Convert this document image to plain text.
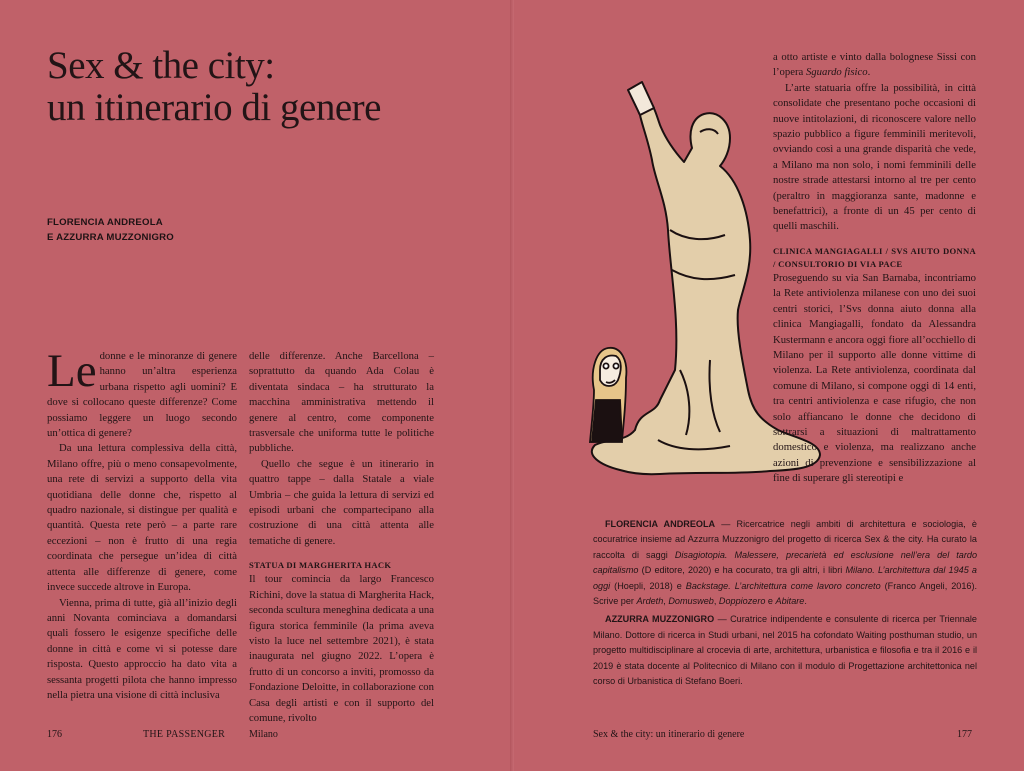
Sex & the city:
un itinerario di genere
FLORENCIA ANDREOLA
E AZZURRA MUZZONIGRO

Le donne e le minoranze di genere hanno un’altra esperienza urbana rispetto agli uomini? E dove si collocano queste differenze? Come possiamo leggere un luogo secondo un’ottica di genere?

Da una lettura complessiva della città, Milano offre, più o meno consapevolmente, una rete di servizi a supporto della vita quotidiana delle donne che, rispetto al quadro nazionale, si distingue per qualità e quantità. Questa rete però – a parte rare eccezioni – non è frutto di una regia coordinata che persegue un’idea di città attenta alle differenze di genere, come invece succede altrove in Europa.

Vienna, prima di tutte, già all’inizio degli anni Novanta cominciava a domandarsi quali fossero le esigenze specifiche delle donne in città e come vi si potesse dare risposta. Questo approccio ha dato vita a sessanta progetti pilota che hanno impresso nella pietra una visione di città inclusiva

delle differenze. Anche Barcellona – soprattutto da quando Ada Colau è diventata sindaca – ha strutturato la macchina amministrativa mettendo il genere al centro, come componente trasversale che uniforma tutte le politiche pubbliche.

Quello che segue è un itinerario in quattro tappe – dalla Statale a viale Umbria – che guida la lettura di servizi ed episodi urbani che compartecipano alla costruzione di una città attenta alle tematiche di genere.

STATUA DI MARGHERITA HACK

Il tour comincia da largo Francesco Richini, dove la statua di Margherita Hack, seconda scultura meneghina dedicata a una figura storica femminile (la prima aveva visto la luce nel settembre 2021), è stata inaugurata nel giugno 2022. L’opera è frutto di un concorso a inviti, promosso da Fondazione Deloitte, in collaborazione con Casa degli artisti e con il supporto del comune, rivolto

a otto artiste e vinto dalla bolognese Sissi con l’opera Sguardo fisico.

L’arte statuaria offre la possibilità, in città consolidate che presentano poche occasioni di nuove intitolazioni, di riconoscere valore nello spazio pubblico a figure femminili meritevoli, ovviando così a una grande disparità che vede, a Milano ma non solo, i nomi femminili delle nostre strade attestarsi intorno al tre per cento (peraltro in maggioranza sante, madonne e benefattrici), a fronte di un 45 per cento di quelli maschili.

CLINICA MANGIAGALLI / SVS AIUTO DONNA / CONSULTORIO DI VIA PACE

Proseguendo su via San Barnaba, incontriamo la Rete antiviolenza milanese con uno dei suoi centri storici, l’Svs donna aiuto donna alla clinica Mangiagalli, fondato da Alessandra Kustermann e ancora oggi fiore all’occhiello di Milano per il supporto alle donne vittime di violenza. La Rete antiviolenza, coordinata dal comune di Milano, si compone oggi di 14 enti, tra centri antiviolenza e case rifugio, che non solo affiancano le donne che decidono di sottrarsi a situazioni di maltrattamento domestico e violenza, ma realizzano anche azioni di prevenzione e sensibilizzazione al fine di superare gli stereotipi e

FLORENCIA ANDREOLA — Ricercatrice negli ambiti di architettura e sociologia, è cocuratrice insieme ad Azzurra Muzzonigro del progetto di ricerca Sex & the city. Ha curato la raccolta di saggi Disagiotopia. Malessere, precarietà ed esclusione nell’era del tardo capitalismo (D editore, 2020) e ha cocurato, tra gli altri, i libri Milano. L’architettura dal 1945 a oggi (Hoepli, 2018) e Backstage. L’architettura come lavoro concreto (Franco Angeli, 2016). Scrive per Ardeth, Domusweb, Doppiozero e Abitare.

AZZURRA MUZZONIGRO — Curatrice indipendente e consulente di ricerca per Triennale Milano. Dottore di ricerca in Studi urbani, nel 2015 ha cofondato Waiting posthuman studio, un progetto multidisciplinare al crocevia di arte, architettura, urbanistica e filosofia e tra il 2016 e il 2019 è stata docente al Politecnico di Milano con il modulo di Progettazione architettonica nel corso di Urbanistica di Stefano Boeri.

176	THE PASSENGER Milano	Sex & the city: un itinerario di genere	177
